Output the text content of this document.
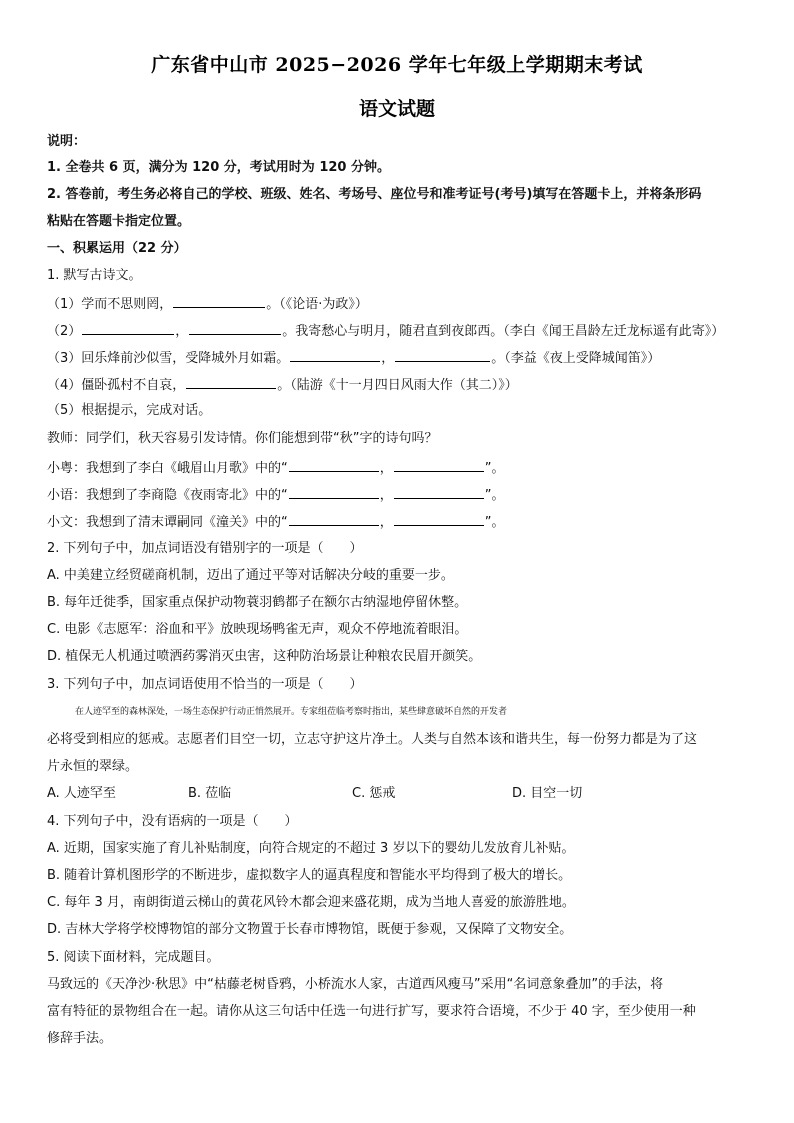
广东省中山市 2025−2026 学年七年级上学期期末考试
语文试题
说明：
1. 全卷共 6 页，满分为 120 分，考试用时为 120 分钟。
2. 答卷前，考生务必将自己的学校、班级、姓名、考场号、座位号和准考证号(考号)填写在答题卡上，并将条形码
粘贴在答题卡指定位置。
一、积累运用（22 分）
1. 默写古诗文。
（1）学而不思则罔，	。（《论语·为政》）
（2）	，	。我寄愁心与明月，随君直到夜郎西。（李白《闻王昌龄左迁龙标遥有此寄》）
（3）回乐烽前沙似雪，受降城外月如霜。	，	。（李益《夜上受降城闻笛》）
（4）僵卧孤村不自哀，	。（陆游《十一月四日风雨大作（其二）》）
（5）根据提示，完成对话。
教师：同学们，秋天容易引发诗情。你们能想到带“秋”字的诗句吗？
小粤：我想到了李白《峨眉山月歌》中的“	，	”。
小语：我想到了李商隐《夜雨寄北》中的“	，	”。
小文：我想到了清末谭嗣同《潼关》中的“	，	”。
2. 下列句子中，加点词语没有错别字的一项是（　　）
A. 中美建立经贸磋商机制，迈出了通过平等对话解决分岐的重要一步。
B. 每年迁徙季，国家重点保护动物蓑羽鹤都子在额尔古纳湿地停留休整。
C. 电影《志愿军：浴血和平》放映现场鸭雀无声，观众不停地流着眼泪。
D. 植保无人机通过喷洒药雾消灭虫害，这种防治场景让种粮农民眉开颜笑。
3. 下列句子中，加点词语使用不恰当的一项是（　　）
在人迹罕至的森林深处，一场生态保护行动正悄然展开。专家组莅临考察时指出，某些肆意破坏自然的开发者
必将受到相应的惩戒。志愿者们目空一切，立志守护这片净土。人类与自然本该和谐共生，每一份努力都是为了这
片永恒的翠绿。
A. 人迹罕至	B. 莅临	C. 惩戒	D. 目空一切
4. 下列句子中，没有语病的一项是（　　）
A. 近期，国家实施了育儿补贴制度，向符合规定的不超过 3 岁以下的婴幼儿发放育儿补贴。
B. 随着计算机图形学的不断进步，虚拟数字人的逼真程度和智能水平均得到了极大的增长。
C. 每年 3 月，南朗街道云梯山的黄花风铃木都会迎来盛花期，成为当地人喜爱的旅游胜地。
D. 吉林大学将学校博物馆的部分文物置于长春市博物馆，既便于参观，又保障了文物安全。
5. 阅读下面材料，完成题目。
马致远的《天净沙·秋思》中“枯藤老树昏鸦，小桥流水人家，古道西风瘦马”采用“名词意象叠加”的手法，将
富有特征的景物组合在一起。请你从这三句话中任选一句进行扩写，要求符合语境，不少于 40 字，至少使用一种
修辞手法。
